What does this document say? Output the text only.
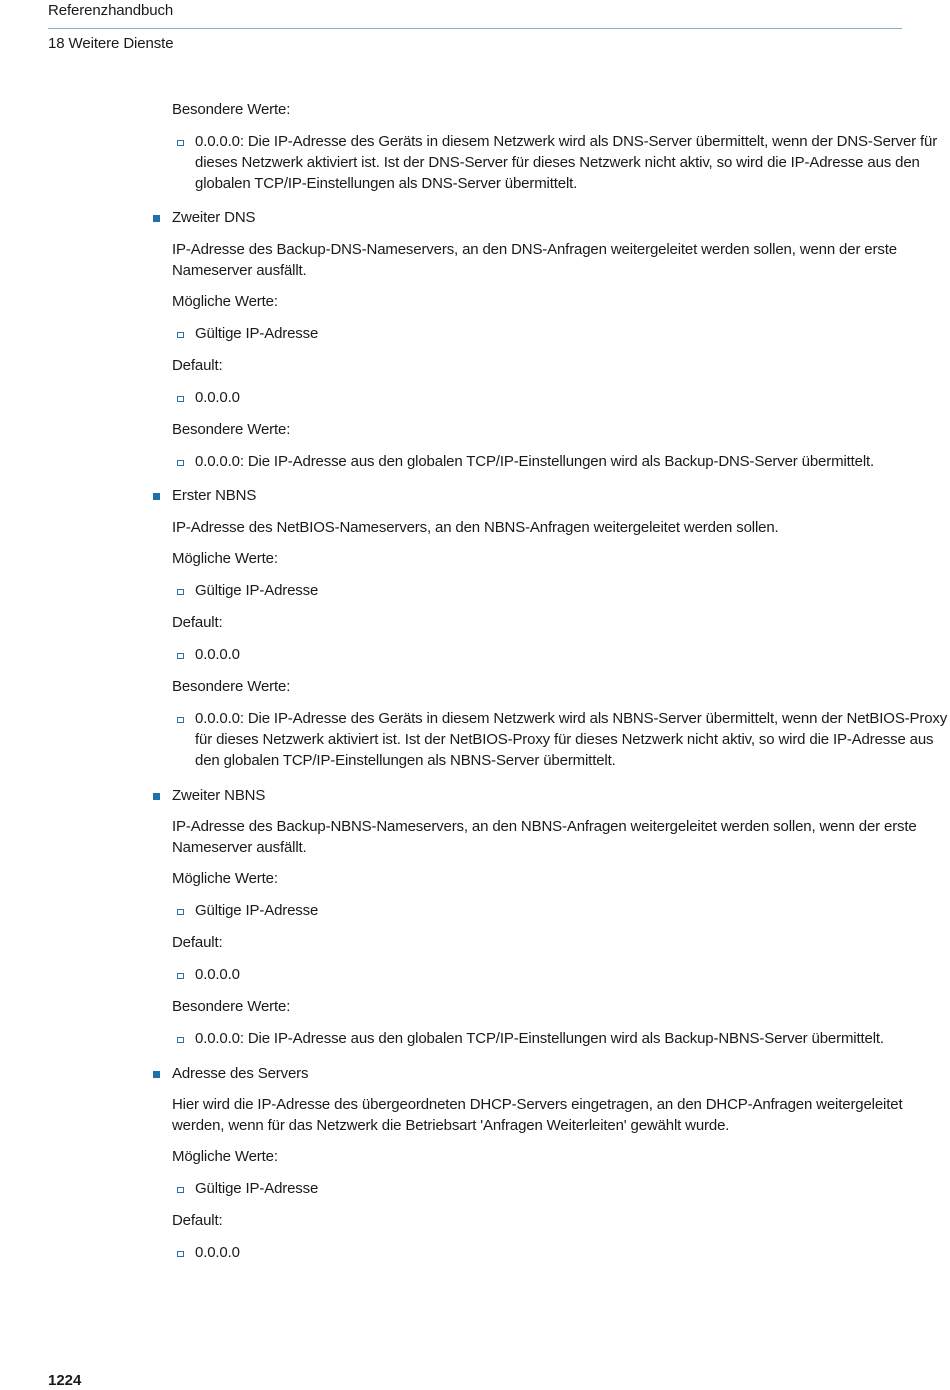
Referenzhandbuch
18 Weitere Dienste
Besondere Werte:
0.0.0.0: Die IP-Adresse des Geräts in diesem Netzwerk wird als DNS-Server übermittelt, wenn der DNS-Server für
dieses Netzwerk aktiviert ist. Ist der DNS-Server für dieses Netzwerk nicht aktiv, so wird die IP-Adresse aus den
globalen TCP/IP-Einstellungen als DNS-Server übermittelt.
Zweiter DNS
IP-Adresse des Backup-DNS-Nameservers, an den DNS-Anfragen weitergeleitet werden sollen, wenn der erste
Nameserver ausfällt.
Mögliche Werte:
Gültige IP-Adresse
Default:
0.0.0.0
Besondere Werte:
0.0.0.0: Die IP-Adresse aus den globalen TCP/IP-Einstellungen wird als Backup-DNS-Server übermittelt.
Erster NBNS
IP-Adresse des NetBIOS-Nameservers, an den NBNS-Anfragen weitergeleitet werden sollen.
Mögliche Werte:
Gültige IP-Adresse
Default:
0.0.0.0
Besondere Werte:
0.0.0.0: Die IP-Adresse des Geräts in diesem Netzwerk wird als NBNS-Server übermittelt, wenn der NetBIOS-Proxy
für dieses Netzwerk aktiviert ist. Ist der NetBIOS-Proxy für dieses Netzwerk nicht aktiv, so wird die IP-Adresse aus
den globalen TCP/IP-Einstellungen als NBNS-Server übermittelt.
Zweiter NBNS
IP-Adresse des Backup-NBNS-Nameservers, an den NBNS-Anfragen weitergeleitet werden sollen, wenn der erste
Nameserver ausfällt.
Mögliche Werte:
Gültige IP-Adresse
Default:
0.0.0.0
Besondere Werte:
0.0.0.0: Die IP-Adresse aus den globalen TCP/IP-Einstellungen wird als Backup-NBNS-Server übermittelt.
Adresse des Servers
Hier wird die IP-Adresse des übergeordneten DHCP-Servers eingetragen, an den DHCP-Anfragen weitergeleitet
werden, wenn für das Netzwerk die Betriebsart 'Anfragen Weiterleiten' gewählt wurde.
Mögliche Werte:
Gültige IP-Adresse
Default:
0.0.0.0
1224
